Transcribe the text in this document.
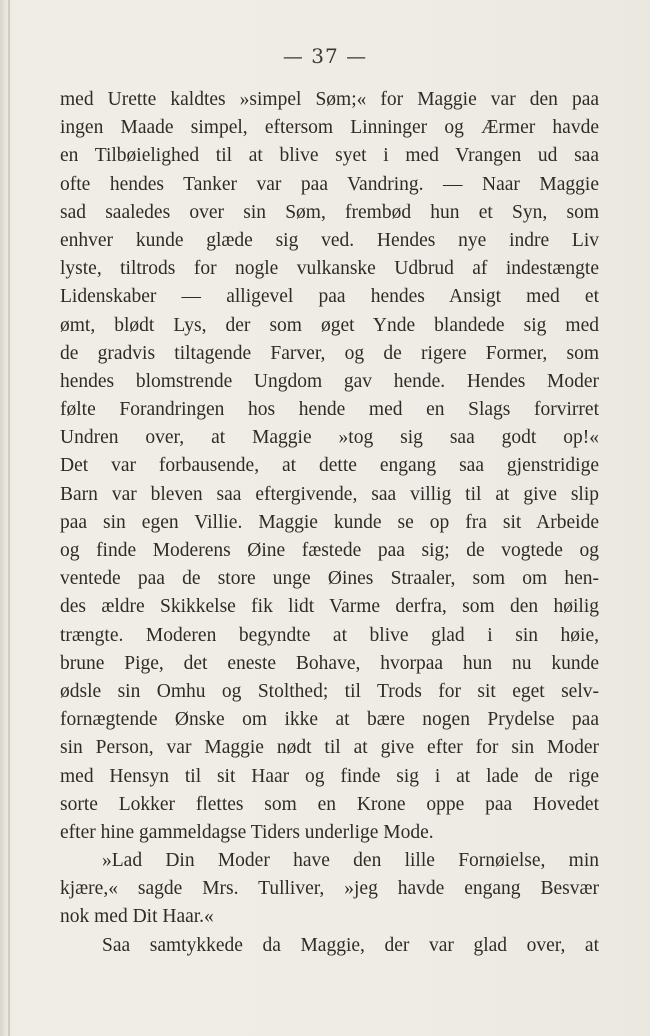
— 37 —
med Urette kaldtes »simpel Søm;« for Maggie var den paa
ingen Maade simpel, eftersom Linninger og Ærmer havde
en Tilbøielighed til at blive syet i med Vrangen ud saa
ofte hendes Tanker var paa Vandring. — Naar Maggie
sad saaledes over sin Søm, frembød hun et Syn, som
enhver kunde glæde sig ved. Hendes nye indre Liv
lyste, tiltrods for nogle vulkanske Udbrud af indestængte
Lidenskaber — alligevel paa hendes Ansigt med et
ømt, blødt Lys, der som øget Ynde blandede sig med
de gradvis tiltagende Farver, og de rigere Former, som
hendes blomstrende Ungdom gav hende. Hendes Moder
følte Forandringen hos hende med en Slags forvirret
Undren over, at Maggie »tog sig saa godt op!«
Det var forbausende, at dette engang saa gjenstridige
Barn var bleven saa eftergivende, saa villig til at give slip
paa sin egen Villie. Maggie kunde se op fra sit Arbeide
og finde Moderens Øine fæstede paa sig; de vogtede og
ventede paa de store unge Øines Straaler, som om hen-
des ældre Skikkelse fik lidt Varme derfra, som den høilig
trængte. Moderen begyndte at blive glad i sin høie,
brune Pige, det eneste Bohave, hvorpaa hun nu kunde
ødsle sin Omhu og Stolthed; til Trods for sit eget selv-
fornægtende Ønske om ikke at bære nogen Prydelse paa
sin Person, var Maggie nødt til at give efter for sin Moder
med Hensyn til sit Haar og finde sig i at lade de rige
sorte Lokker flettes som en Krone oppe paa Hovedet
efter hine gammeldagse Tiders underlige Mode.
»Lad Din Moder have den lille Fornøielse, min
kjære,« sagde Mrs. Tulliver, »jeg havde engang Besvær
nok med Dit Haar.«
Saa samtykkede da Maggie, der var glad over, at
